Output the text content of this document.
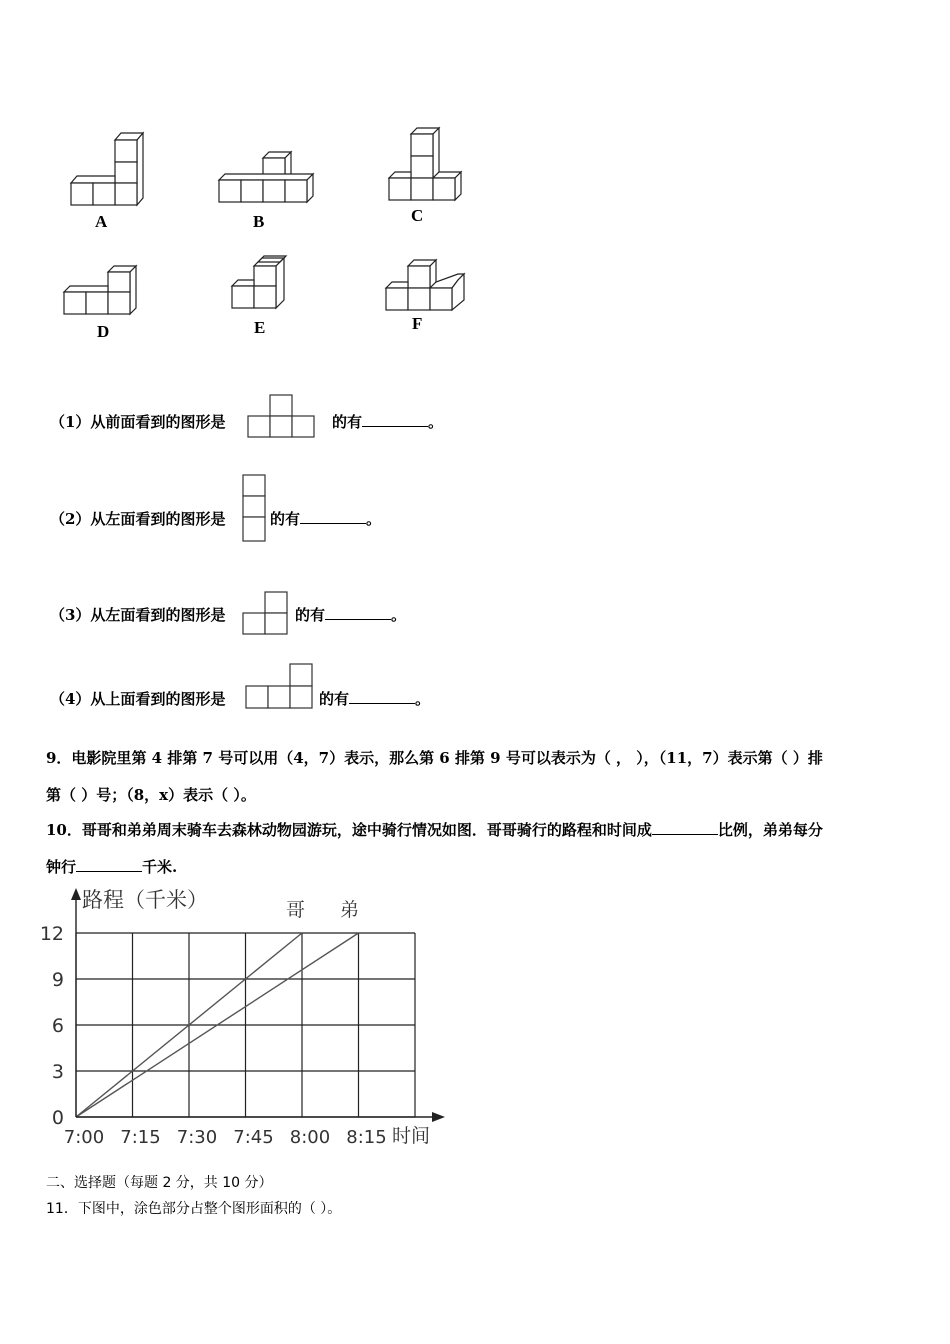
A	B	C
D	E	F
（1）从前面看到的图形是	的有	。
（2）从左面看到的图形是	的有	。
（3）从左面看到的图形是	的有	。
（4）从上面看到的图形是	的有	。
9．电影院里第 4 排第 7 号可以用（4，7）表示，那么第 6 排第 9 号可以表示为（ ， ），（11，7）表示第（ ）排
第（ ）号；（8，x）表示（ ）。
10．哥哥和弟弟周末骑车去森林动物园游玩，途中骑行情况如图．哥哥骑行的路程和时间成	比例，弟弟每分
钟行	千米.
0
3
6
9
12
7:00 7:15 7:30 7:45 8:00 8:15
路程（千米）
时间
哥 弟
二、选择题（每题 2 分，共 10 分）
11．下图中，涂色部分占整个图形面积的（ ）。
